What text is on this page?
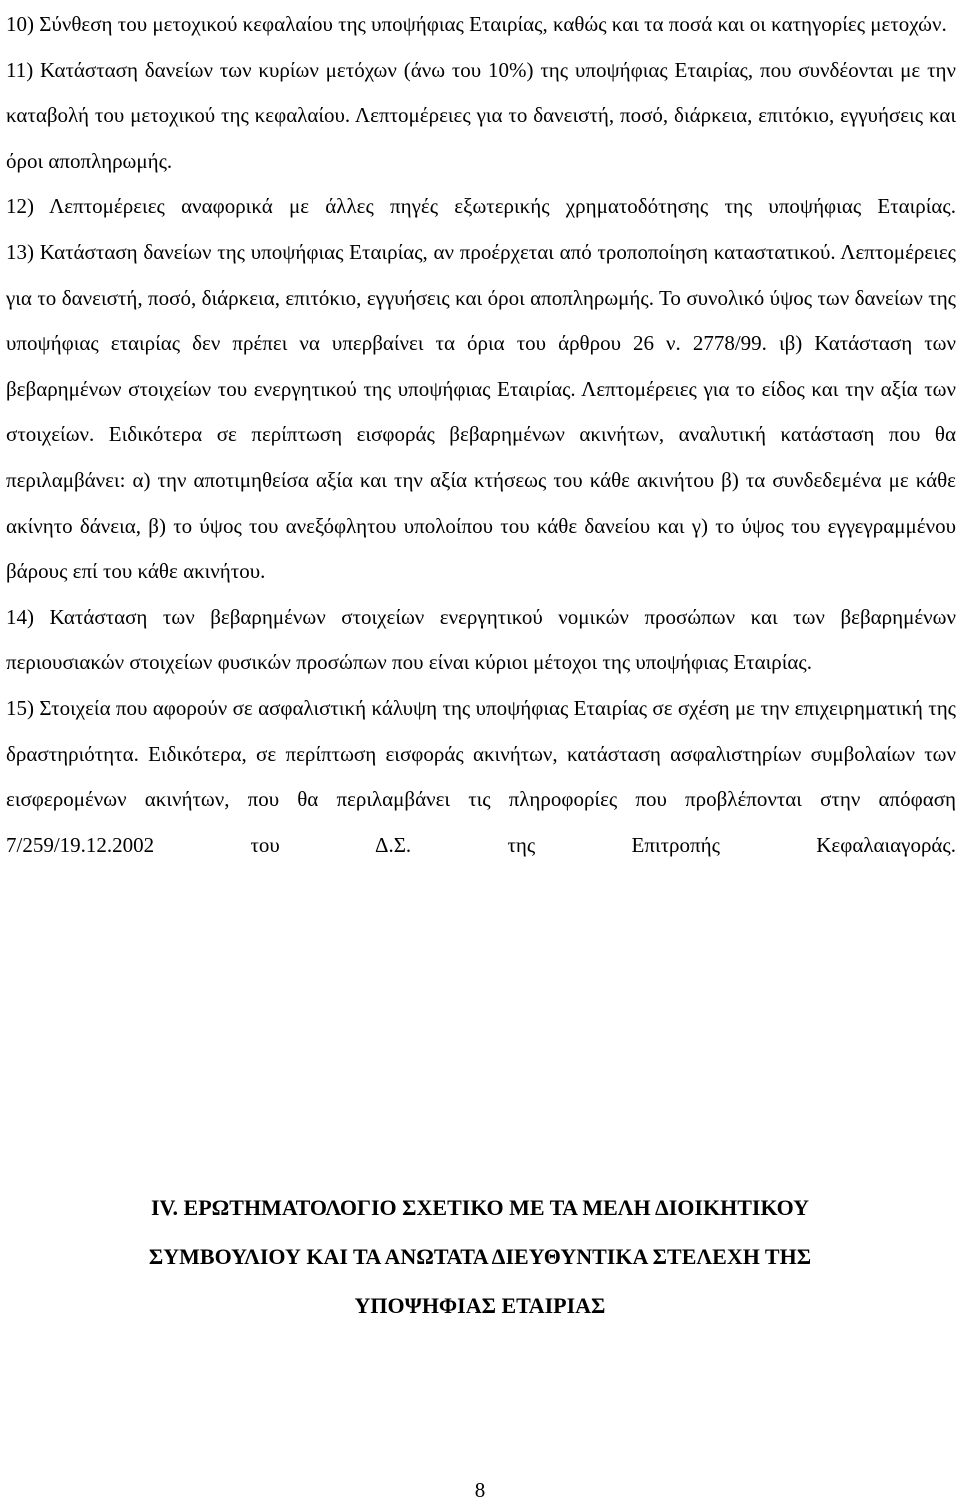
10) Σύνθεση του μετοχικού κεφαλαίου της υποψήφιας Εταιρίας, καθώς και τα ποσά και οι κατηγορίες μετοχών.

11) Κατάσταση δανείων των κυρίων μετόχων (άνω του 10%) της υποψήφιας Εταιρίας, που συνδέονται με την καταβολή του μετοχικού της κεφαλαίου. Λεπτομέρειες για το δανειστή, ποσό, διάρκεια, επιτόκιο, εγγυήσεις και όροι αποπληρωμής.

12) Λεπτομέρειες αναφορικά με άλλες πηγές εξωτερικής χρηματοδότησης της υποψήφιας Εταιρίας.

13) Κατάσταση δανείων της υποψήφιας Εταιρίας, αν προέρχεται από τροποποίηση καταστατικού. Λεπτομέρειες για το δανειστή, ποσό, διάρκεια, επιτόκιο, εγγυήσεις και όροι αποπληρωμής. Το συνολικό ύψος των δανείων της υποψήφιας εταιρίας δεν πρέπει να υπερβαίνει τα όρια του άρθρου 26 ν. 2778/99. ιβ) Κατάσταση των βεβαρημένων στοιχείων του ενεργητικού της υποψήφιας Εταιρίας. Λεπτομέρειες για το είδος και την αξία των στοιχείων. Ειδικότερα σε περίπτωση εισφοράς βεβαρημένων ακινήτων, αναλυτική κατάσταση που θα περιλαμβάνει: α) την αποτιμηθείσα αξία και την αξία κτήσεως του κάθε ακινήτου β) τα συνδεδεμένα με κάθε ακίνητο δάνεια, β) το ύψος του ανεξόφλητου υπολοίπου του κάθε δανείου και γ) το ύψος του εγγεγραμμένου βάρους επί του κάθε ακινήτου.

14) Κατάσταση των βεβαρημένων στοιχείων ενεργητικού νομικών προσώπων και των βεβαρημένων περιουσιακών στοιχείων φυσικών προσώπων που είναι κύριοι μέτοχοι της υποψήφιας Εταιρίας.

15) Στοιχεία που αφορούν σε ασφαλιστική κάλυψη της υποψήφιας Εταιρίας σε σχέση με την επιχειρηματική της δραστηριότητα. Ειδικότερα, σε περίπτωση εισφοράς ακινήτων, κατάσταση ασφαλιστηρίων συμβολαίων των εισφερομένων ακινήτων, που θα περιλαμβάνει τις πληροφορίες που προβλέπονται στην απόφαση 7/259/19.12.2002 του Δ.Σ. της Επιτροπής Κεφαλαιαγοράς.

IV. ΕΡΩΤΗΜΑΤΟΛΟΓΙΟ ΣΧΕΤΙΚΟ ΜΕ ΤΑ ΜΕΛΗ ΔΙΟΙΚΗΤΙΚΟΥ
ΣΥΜΒΟΥΛΙΟΥ ΚΑΙ ΤΑ ΑΝΩΤΑΤΑ ΔΙΕΥΘΥΝΤΙΚΑ ΣΤΕΛΕΧΗ ΤΗΣ
ΥΠΟΨΗΦΙΑΣ ΕΤΑΙΡΙΑΣ
8
